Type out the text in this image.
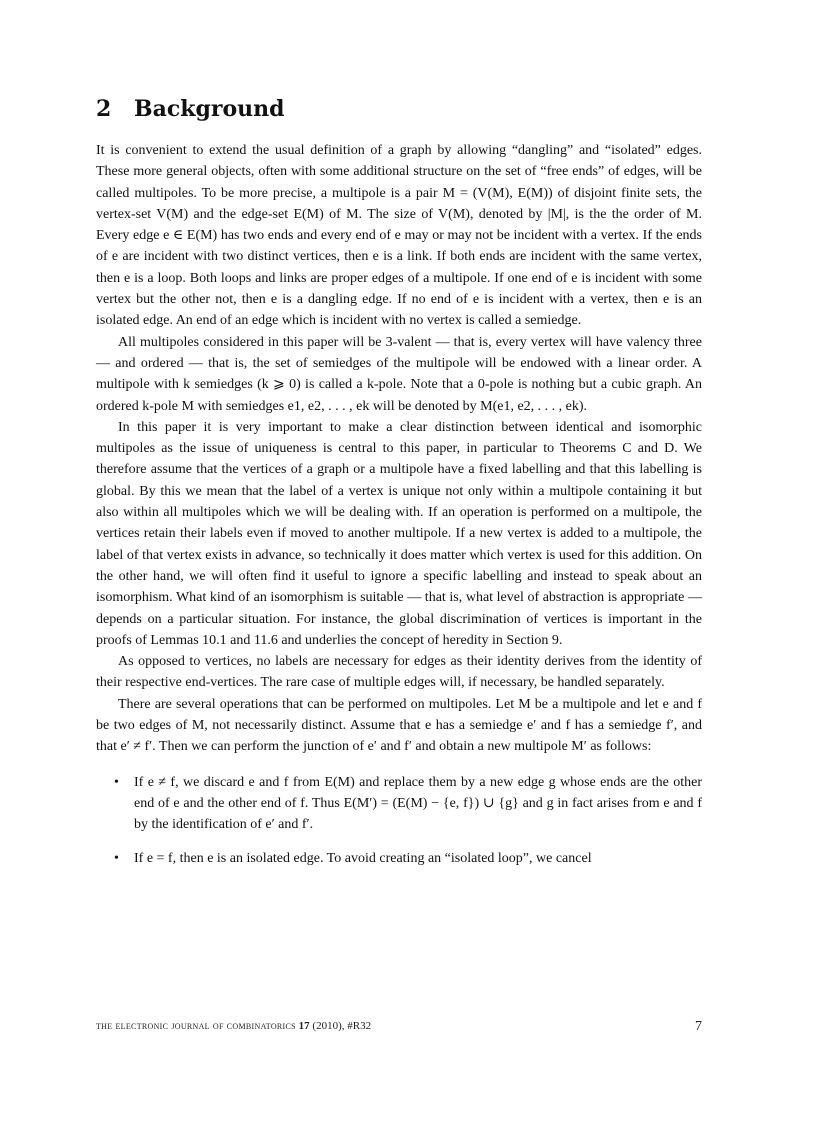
2 Background

It is convenient to extend the usual definition of a graph by allowing “dangling” and “isolated” edges. These more general objects, often with some additional structure on the set of “free ends” of edges, will be called multipoles. To be more precise, a multipole is a pair M = (V(M), E(M)) of disjoint finite sets, the vertex-set V(M) and the edge-set E(M) of M. The size of V(M), denoted by |M|, is the the order of M. Every edge e ∈ E(M) has two ends and every end of e may or may not be incident with a vertex. If the ends of e are incident with two distinct vertices, then e is a link. If both ends are incident with the same vertex, then e is a loop. Both loops and links are proper edges of a multipole. If one end of e is incident with some vertex but the other not, then e is a dangling edge. If no end of e is incident with a vertex, then e is an isolated edge. An end of an edge which is incident with no vertex is called a semiedge.

All multipoles considered in this paper will be 3-valent — that is, every vertex will have valency three — and ordered — that is, the set of semiedges of the multipole will be endowed with a linear order. A multipole with k semiedges (k ⩾ 0) is called a k-pole. Note that a 0-pole is nothing but a cubic graph. An ordered k-pole M with semiedges e1, e2, . . . , ek will be denoted by M(e1, e2, . . . , ek).

In this paper it is very important to make a clear distinction between identical and isomorphic multipoles as the issue of uniqueness is central to this paper, in particular to Theorems C and D. We therefore assume that the vertices of a graph or a multipole have a fixed labelling and that this labelling is global. By this we mean that the label of a vertex is unique not only within a multipole containing it but also within all multipoles which we will be dealing with. If an operation is performed on a multipole, the vertices retain their labels even if moved to another multipole. If a new vertex is added to a multipole, the label of that vertex exists in advance, so technically it does matter which vertex is used for this addition. On the other hand, we will often find it useful to ignore a specific labelling and instead to speak about an isomorphism. What kind of an isomorphism is suitable — that is, what level of abstraction is appropriate — depends on a particular situation. For instance, the global discrimination of vertices is important in the proofs of Lemmas 10.1 and 11.6 and underlies the concept of heredity in Section 9.

As opposed to vertices, no labels are necessary for edges as their identity derives from the identity of their respective end-vertices. The rare case of multiple edges will, if necessary, be handled separately.

There are several operations that can be performed on multipoles. Let M be a multipole and let e and f be two edges of M, not necessarily distinct. Assume that e has a semiedge e′ and f has a semiedge f′, and that e′ ≠ f′. Then we can perform the junction of e′ and f′ and obtain a new multipole M′ as follows:

• If e ≠ f, we discard e and f from E(M) and replace them by a new edge g whose ends are the other end of e and the other end of f. Thus E(M′) = (E(M) − {e, f}) ∪ {g} and g in fact arises from e and f by the identification of e′ and f′.
• If e = f, then e is an isolated edge. To avoid creating an “isolated loop”, we cancel
the electronic journal of combinatorics 17 (2010), #R32	7
